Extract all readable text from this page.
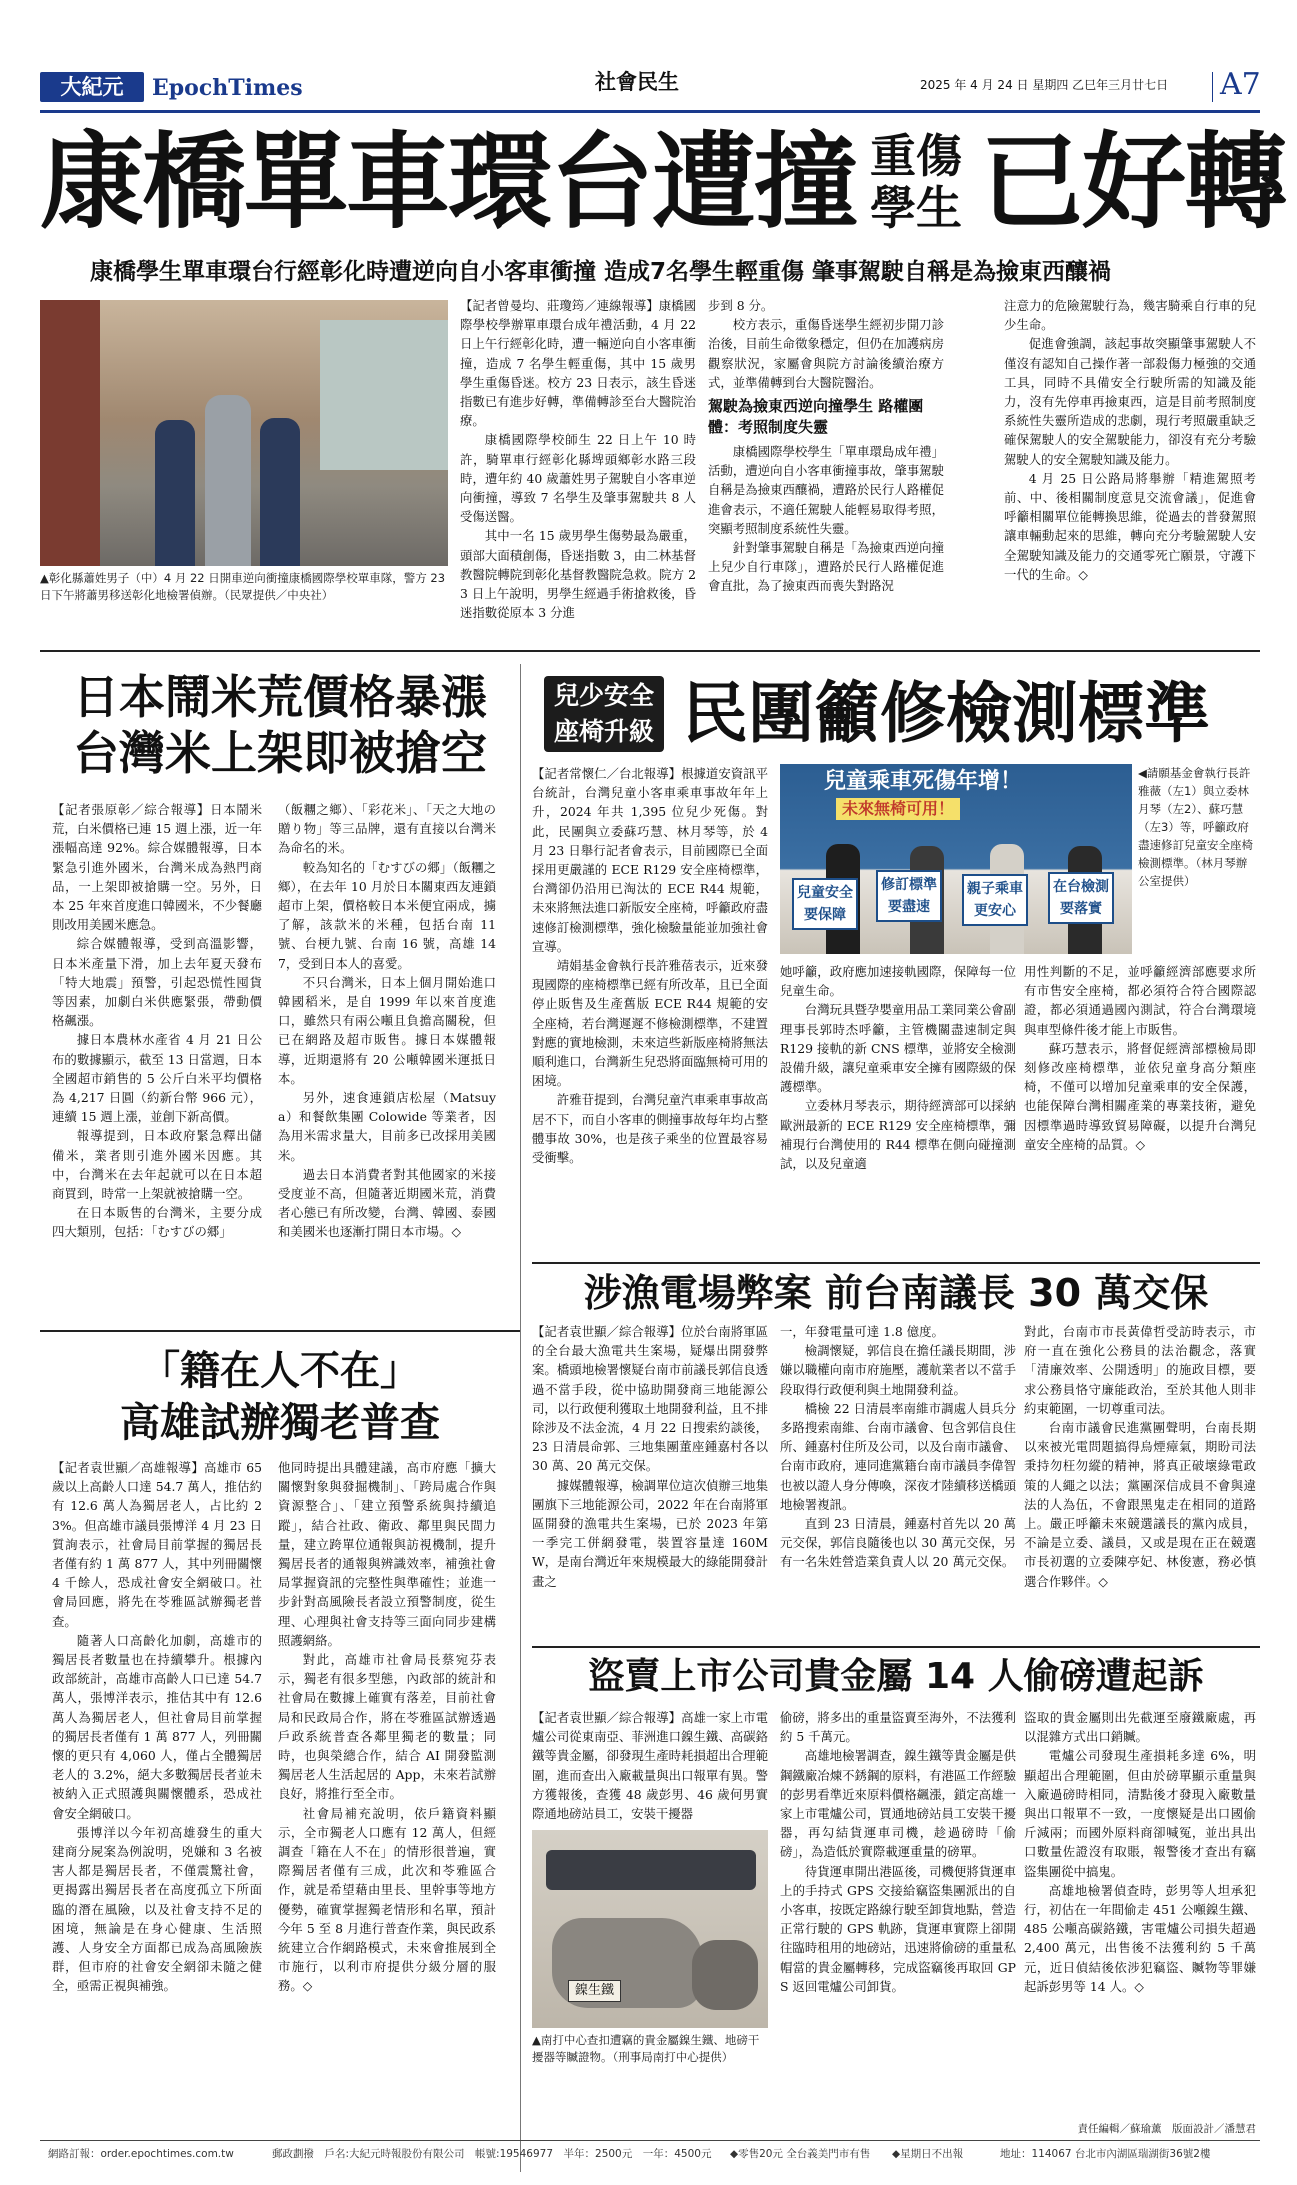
大紀元	EpochTimes	社會民生	2025 年 4 月 24 日 星期四 乙巳年三月廿七日 A7
康橋單車環台遭撞 重傷
學生 已好轉
康橋學生單車環台行經彰化時遭逆向自小客車衝撞 造成7名學生輕重傷 肇事駕駛自稱是為撿東西釀禍
▲彰化縣蕭姓男子（中）4 月 22 日開車逆向衝撞康橋國際學校單車隊，警方 23 日下午將蕭男移送彰化地檢署偵辦。（民眾提供／中央社）

【記者曾曼均、莊瓊筠／連線報導】康橋國際學校學辦單車環台成年禮活動，4 月 22 日上午行經彰化時，遭一輛逆向自小客車衝撞，造成 7 名學生輕重傷，其中 15 歲男學生重傷昏迷。校方 23 日表示，該生昏迷指數已有進步好轉，準備轉診至台大醫院治療。

康橋國際學校師生 22 日上午 10 時許，騎單車行經彰化縣埤頭鄉彰水路三段時，遭年約 40 歲蕭姓男子駕駛自小客車逆向衝撞，導致 7 名學生及肇事駕駛共 8 人受傷送醫。

其中一名 15 歲男學生傷勢最為嚴重，頭部大面積創傷，昏迷指數 3，由二林基督教醫院轉院到彰化基督教醫院急救。院方 23 日上午說明，男學生經過手術搶救後，昏迷指數從原本 3 分進

步到 8 分。

校方表示，重傷昏迷學生經初步開刀診治後，目前生命徵象穩定，但仍在加護病房觀察狀況，家屬會與院方討論後續治療方式，並準備轉到台大醫院醫治。

駕駛為撿東西逆向撞學生 路權團體：考照制度失靈

康橋國際學校學生「單車環島成年禮」活動，遭逆向自小客車衝撞事故，肇事駕駛自稱是為撿東西釀禍，遭路於民行人路權促進會表示，不適任駕駛人能輕易取得考照，突顯考照制度系統性失靈。

針對肇事駕駛自稱是「為撿東西逆向撞上兒少自行車隊」，遭路於民行人路權促進會直批，為了撿東西而喪失對路況

注意力的危險駕駛行為，幾害騎乘自行車的兒少生命。

促進會強調，該起事故突顯肇事駕駛人不僅沒有認知自己操作著一部殺傷力極強的交通工具，同時不具備安全行駛所需的知識及能力，沒有先停車再撿東西，這是目前考照制度系統性失靈所造成的悲劇，現行考照嚴重缺乏確保駕駛人的安全駕駛能力，卻沒有充分考驗駕駛人的安全駕駛知識及能力。

4 月 25 日公路局將舉辦「精進駕照考前、中、後相關制度意見交流會議」，促進會呼籲相關單位能轉換思維，從過去的普發駕照讓車輛動起來的思維，轉向充分考驗駕駛人安全駕駛知識及能力的交通零死亡願景，守護下一代的生命。◇

日本鬧米荒價格暴漲
台灣米上架即被搶空

【記者張原彰／綜合報導】日本鬧米荒，白米價格已連 15 週上漲，近一年漲幅高達 92%。綜合媒體報導，日本緊急引進外國米，台灣米成為熱門商品，一上架即被搶購一空。另外，日本 25 年來首度進口韓國米，不少餐廳則改用美國米應急。

綜合媒體報導，受到高溫影響，日本米產量下滑，加上去年夏天發布「特大地震」預警，引起恐慌性囤貨等因素，加劇白米供應緊張，帶動價格飆漲。

據日本農林水產省 4 月 21 日公布的數據顯示，截至 13 日當週，日本全國超市銷售的 5 公斤白米平均價格為 4,217 日圓（約新台幣 966 元），連續 15 週上漲，並創下新高價。

報導提到，日本政府緊急釋出儲備米，業者則引進外國米因應。其中，台灣米在去年起就可以在日本超商買到，時常一上架就被搶購一空。

在日本販售的台灣米，主要分成四大類別，包括：「むすびの郷」

（飯糰之鄉）、「彩花米」、「天之大地の贈り物」等三品牌，還有直接以台灣米為命名的米。

較為知名的「むすびの郷」（飯糰之鄉），在去年 10 月於日本關東西友連鎖超市上架，價格較日本米便宜兩成，擄了解，該款米的米種，包括台南 11 號、台梗九號、台南 16 號，高雄 147，受到日本人的喜愛。

不只台灣米，日本上個月開始進口韓國稻米，是自 1999 年以來首度進口，雖然只有兩公噸且負擔高關稅，但已在網路及超市販售。據日本媒體報導，近期還將有 20 公噸韓國米運抵日本。

另外，速食連鎖店松屋（Matsuya）和餐飲集團 Colowide 等業者，因為用米需求量大，目前多已改採用美國米。

過去日本消費者對其他國家的米接受度並不高，但隨著近期國米荒，消費者心態已有所改變，台灣、韓國、泰國和美國米也逐漸打開日本市場。◇

兒少安全
座椅升級 民團籲修檢測標準

【記者常懷仁／台北報導】根據道安資訊平台統計，台灣兒童小客車乘車事故年年上升，2024 年共 1,395 位兒少死傷。對此，民團與立委蘇巧慧、林月琴等，於 4 月 23 日舉行記者會表示，目前國際已全面採用更嚴謹的 ECE R129 安全座椅標準，台灣卻仍沿用已淘汰的 ECE R44 規範，未來將無法進口新版安全座椅，呼籲政府盡速修訂檢測標準，強化檢驗量能並加強社會宣導。

靖娟基金會執行長許雅蓓表示，近來發現國際的座椅標準已經有所改革，且已全面停止販售及生產舊版 ECE R44 規範的安全座椅，若台灣遲遲不修檢測標準，不建置對應的實地檢測，未來這些新版座椅將無法順利進口，台灣新生兒恐將面臨無椅可用的困境。

許雅苷提到，台灣兒童汽車乘車事故高居不下，而自小客車的側撞事故每年均占整體事故 30%，也是孩子乘坐的位置最容易受衝擊。

兒童乘車死傷年增！
未來無椅可用！
兒童安全要保障
修訂標準要盡速
親子乘車更安心
在台檢測要落實
◀請願基金會執行長許雅薇（左1）與立委林月琴（左2）、蘇巧慧（左3）等，呼籲政府盡速修訂兒童安全座椅檢測標準。（林月琴辦公室提供）

她呼籲，政府應加速接軌國際，保障每一位兒童生命。

台灣玩具暨孕嬰童用品工業同業公會副理事長郭時杰呼籲，主管機關盡速制定與 R129 接軌的新 CNS 標準，並將安全檢測設備升級，讓兒童乘車安全擁有國際級的保護標準。

立委林月琴表示，期待經濟部可以採納歐洲最新的 ECE R129 安全座椅標準，彌補現行台灣使用的 R44 標準在側向碰撞測試，以及兒童適

用性判斷的不足，並呼籲經濟部應要求所有市售安全座椅，都必須符合符合國際認證，都必須通過國內測試，符合台灣環境與車型條件後才能上市販售。

蘇巧慧表示，將督促經濟部標檢局即刻修改座椅標準，並依兒童身高分類座椅，不僅可以增加兒童乘車的安全保護，也能保障台灣相關產業的專業技術，避免因標準過時導致貿易障礙，以提升台灣兒童安全座椅的品質。◇

涉漁電場弊案 前台南議長 30 萬交保

【記者袁世顯／綜合報導】位於台南將軍區的全台最大漁電共生案場，疑爆出開發弊案。橋頭地檢署懷疑台南市前議長郭信良透過不當手段，從中協助開發商三地能源公司，以行政便利獲取土地開發利益，且不排除涉及不法金流，4 月 22 日搜索約談後，23 日清晨命郭、三地集團董座鍾嘉村各以 30 萬、20 萬元交保。

據媒體報導，檢調單位這次偵辦三地集團旗下三地能源公司，2022 年在台南將軍區開發的漁電共生案場，已於 2023 年第一季完工併網發電，裝置容量達 160MW，是南台灣近年來規模最大的綠能開發計畫之

一，年發電量可達 1.8 億度。

檢調懷疑，郭信良在擔任議長期間，涉嫌以職權向南市府施壓，護航業者以不當手段取得行政便利與土地開發利益。

橋檢 22 日清晨率南維市調處人員兵分多路搜索南維、台南市議會、包含郭信良住所、鍾嘉村住所及公司，以及台南市議會、台南市政府，連同進黨籍台南市議員李偉智也被以證人身分傳喚，深夜才陸續移送橋頭地檢署複訊。

直到 23 日清晨，鍾嘉村首先以 20 萬元交保，郭信良隨後也以 30 萬元交保，另有一名朱姓營造業負責人以 20 萬元交保。

對此，台南市市長黃偉哲受訪時表示，市府一直在強化公務員的法治觀念，落實「清廉效率、公開透明」的施政目標，要求公務員恪守廉能政治，至於其他人則非約束範圍，一切尊重司法。

台南市議會民進黨團聲明，台南長期以來被光電問題搞得烏煙瘴氣，期盼司法秉持勿枉勿縱的精神，將真正破壞綠電政策的人繩之以法；黨團深信成員不會與違法的人為伍，不會跟黑鬼走在相同的道路上。嚴正呼籲未來競選議長的黨內成員，不論是立委、議員，又或是現在正在競選市長初選的立委陳亭妃、林俊憲，務必慎選合作夥伴。◇

「籍在人不在」
高雄試辦獨老普查

【記者袁世顯／高雄報導】高雄市 65 歲以上高齡人口達 54.7 萬人，推估約有 12.6 萬人為獨居老人，占比約 23%。但高雄市議員張博洋 4 月 23 日質詢表示，社會局目前掌握的獨居長者僅有約 1 萬 877 人，其中列冊關懷 4 千餘人，恐成社會安全網破口。社會局回應，將先在苓雅區試辦獨老普查。

隨著人口高齡化加劇，高雄市的獨居長者數量也在持續攀升。根據內政部統計，高雄市高齡人口已達 54.7 萬人，張博洋表示，推估其中有 12.6 萬人為獨居老人，但社會局目前掌握的獨居長者僅有 1 萬 877 人，列冊關懷的更只有 4,060 人，僅占全體獨居老人的 3.2%，絕大多數獨居長者並未被納入正式照護與關懷體系，恐成社會安全網破口。

張博洋以今年初高雄發生的重大建商分屍案為例說明，兇嫌和 3 名被害人都是獨居長者，不僅震驚社會，更揭露出獨居長者在高度孤立下所面臨的潛在風險，以及社會支持不足的困境，無論是在身心健康、生活照護、人身安全方面都已成為高風險族群，但市府的社會安全網卻未隨之健全，亟需正視與補強。

他同時提出具體建議，高市府應「擴大關懷對象與發掘機制」、「跨局處合作與資源整合」、「建立預警系統與持續追蹤」，結合社政、衛政、鄰里與民間力量，建立跨單位通報與訪視機制，提升獨居長者的通報與辨識效率，補強社會局掌握資訊的完整性與準確性；並進一步針對高風險長者設立預警制度，從生理、心理與社會支持等三面向同步建構照護網絡。

對此，高雄市社會局長蔡宛芬表示，獨老有很多型態，內政部的統計和社會局在數據上確實有落差，目前社會局和民政局合作，將在苓雅區試辦透過戶政系統普查各鄰里獨老的數量；同時，也與榮總合作，結合 AI 開發監測獨居老人生活起居的 App，未來若試辦良好，將推行至全市。

社會局補充說明，依戶籍資料顯示，全市獨老人口應有 12 萬人，但經調查「籍在人不在」的情形很普遍，實際獨居者僅有三成，此次和苓雅區合作，就是希望藉由里長、里幹事等地方優勢，確實掌握獨老情形和名單，預計今年 5 至 8 月進行普查作業，與民政系統建立合作網路模式，未來會推展到全市施行，以利市府提供分級分層的服務。◇

盜賣上市公司貴金屬 14 人偷磅遭起訴

【記者袁世顯／綜合報導】高雄一家上市電爐公司從東南亞、菲洲進口鎳生鐵、高碳鉻鐵等貴金屬，卻發現生產時耗損超出合理範圍，進而查出入廠載量與出口報單有異。警方獲報後，查獲 48 歲彭男、46 歲何男實際通地磅站員工，安裝干擾器

鎳生鐵
▲南打中心查扣遭竊的貴金屬鎳生鐵、地磅干擾器等贓證物。（刑事局南打中心提供）

偷磅，將多出的重量盜賣至海外，不法獲利約 5 千萬元。

高雄地檢署調查，鎳生鐵等貴金屬是供鋼鐵廠冶煉不銹鋼的原料，有港區工作經驗的彭男看準近來原料價格飆漲，鎖定高雄一家上市電爐公司，買通地磅站員工安裝干擾器，再勾結貨運車司機，趁過磅時「偷磅」，為造低於實際載運重量的磅單。

待貨運車開出港區後，司機便將貨運車上的手持式 GPS 交接給竊盜集團派出的自小客車，按既定路線行駛至卸貨地點，營造正常行駛的 GPS 軌跡，貨運車實際上卻開往臨時租用的地磅站，迅速將偷磅的重量私帽當的貴金屬轉移，完成盜竊後再取回 GPS 返回電爐公司卸貨。

盜取的貴金屬則出先截運至廢鐵廠處，再以混雜方式出口銷贓。

電爐公司發現生產損耗多達 6%，明顯超出合理範圍，但由於磅單顯示重量與入廠過磅時相同，清點後才發現入廠數量與出口報單不一致，一度懷疑是出口國偷斤減兩；而國外原料商卻喊冤，並出具出口數量佐證沒有取賬，報警後才查出有竊盜集團從中搞鬼。

高雄地檢署偵查時，彭男等人坦承犯行，初估在一年間偷走 451 公噸鎳生鐵、485 公噸高碳鉻鐵，害電爐公司損失超過 2,400 萬元，出售後不法獲利約 5 千萬元，近日偵結後依涉犯竊盜、贓物等罪嫌起訴彭男等 14 人。◇

責任編輯／蘇瑜薰　版面設計／潘慧君
網路訂報：order.epochtimes.com.tw	郵政劃撥　戶名:大紀元時報股份有限公司　帳號:19546977　半年：2500元　一年：4500元 ◆零售20元 全台義美門市有售 ◆星期日不出報	地址：114067 台北市內湖區瑞湖街36號2樓
